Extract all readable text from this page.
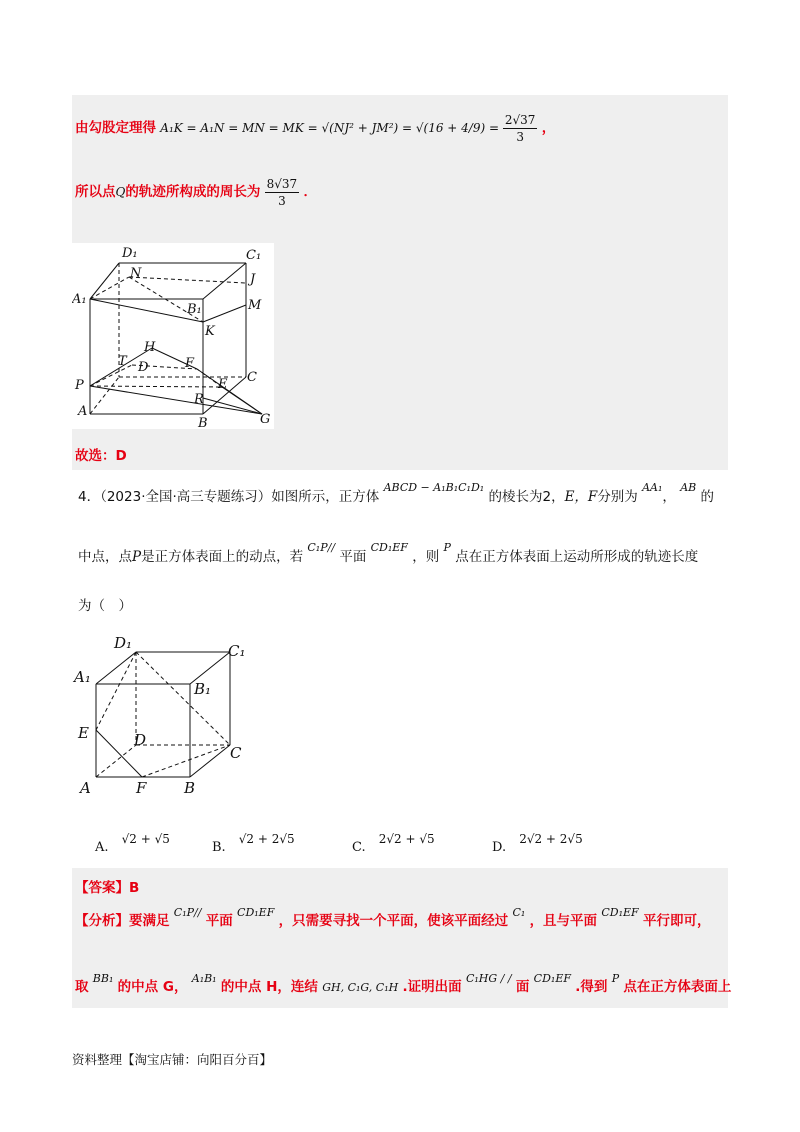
由勾股定理得 A₁K = A₁N = MN = MK = $√(NJ^2 + JM^2) = √(16 + 4/9) = \frac{2√37}{3}$ ，
所以点Q的轨迹所构成的周长为 $\frac{8√37}{3}$ ．
D₁	C₁
N	J
A₁	M
B₁
K
H
T D	F
C
P	E
R
A
B	G
故选：D
4．（2023·全国·高三专题练习）如图所示，正方体 $^{ABCD - A_1B_1C_1D_1}$ 的棱长为2，E，F分别为 $^{AA_1}$， $^{AB}$ 的
中点，点P是正方体表面上的动点，若 $^{C_1P//}$ 平面 $^{CD_1EF}$ ，则 $^P$ 点在正方体表面上运动所形成的轨迹长度
为（　）
D₁	C₁
A₁
B₁
E	D
C
A	F	B
$_{A.}$ √2 + √5
$_{B.}$ √2 + 2√5
$_{C.}$ 2√2 + √5
$_{D.}$ 2√2 + 2√5
【答案】B
【分析】要满足 $^{C_1P//}$ 平面 $^{CD_1EF}$ ，只需要寻找一个平面，使该平面经过 $^{C_1}$ ，且与平面 $^{CD_1EF}$ 平行即可，
取 $^{BB_1}$ 的中点 G， $^{A_1B_1}$ 的中点 H，连结 GH, C₁G, C₁H .证明出面 $^{C_1HG / /}$ 面 $^{CD_1EF}$ .得到 $^P$ 点在正方体表面上
资料整理【淘宝店铺：向阳百分百】
